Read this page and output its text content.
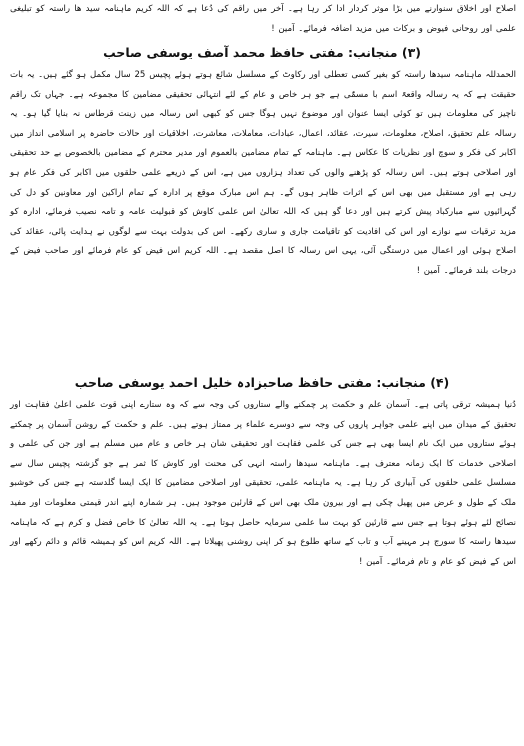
اصلاح اور اخلاق سنوارنے میں بڑا موثر کردار ادا کر رہا ہے۔ آخر میں راقم کی دُعا ہے کہ اللہ کریم ماہنامہ سید ھا راستہ کو تبلیغی علمی اور روحانی فیوض و برکات میں مزید اضافہ فرمائے۔ آمین !

(۳) منجانب: مفتی حافظ محمد آصف یوسفی صاحب

الحمدللہ ماہنامہ سیدھا راستہ کو بغیر کسی تعطلی اور رکاوٹ کے مسلسل شائع ہوتے ہوئے پچیس 25 سال مکمل ہو گئے ہیں۔ یہ بات حقیقت ہے کہ یہ رسالہ واقعۃً اسم با مسمّٰی ہے جو ہر خاص و عام کے لئے انتہائی تحقیقی مضامین کا مجموعہ ہے۔ جہاں تک راقم ناچیز کی معلومات ہیں تو کوئی ایسا عنوان اور موضوع نہیں ہوگا جس کو کبھی اس رسالہ میں زینت قرطاس نہ بنایا گیا ہو۔ یہ رسالہ علم تحقیق، اصلاح، معلومات، سیرت، عقائد، اعمال، عبادات، معاملات، معاشرت، اخلاقیات اور حالات حاضرہ پر اسلامی انداز میں اکابر کی فکر و سوچ اور نظریات کا عکاس ہے۔ ماہنامہ کے تمام مضامین بالعموم اور مدیر محترم کے مضامین بالخصوص بے حد تحقیقی اور اصلاحی ہوتے ہیں۔ اس رسالہ کو پڑھنے والوں کی تعداد ہزاروں میں ہے، اس کے ذریعے علمی حلقوں میں اکابر کی فکر عام ہو رہی ہے اور مستقبل میں بھی اس کے اثرات ظاہر ہوں گے۔ ہم اس مبارک موقع پر ادارہ کے تمام اراکین اور معاونین کو دل کی گہرائیوں سے مبارکباد پیش کرتے ہیں اور دعا گو ہیں کہ اللہ تعالیٰ اس علمی کاوش کو قبولیت عامہ و تامہ نصیب فرمائے، ادارہ کو مزید ترقیات سے نوازے اور اس کی افادیت کو تاقیامت جاری و ساری رکھے۔ اس کی بدولت بہت سے لوگوں نے ہدایت پائی، عقائد کی اصلاح ہوئی اور اعمال میں درستگی آئی، یہی اس رسالہ کا اصل مقصد ہے۔ اللہ کریم اس فیض کو عام فرمائے اور صاحب فیض کے درجات بلند فرمائے۔ آمین !

(۴) منجانب: مفتی حافظ صاحبزادہ خلیل احمد یوسفی صاحب

دُنیا ہمیشہ ترقی پاتی ہے۔ آسمان علم و حکمت پر چمکنے والے ستاروں کی وجہ سے کہ وہ ستارے اپنی قوت علمی اعلیٰ فقاہت اور تحقیق کے میدان میں اپنے علمی جواہر پاروں کی وجہ سے دوسرے علماء پر ممتاز ہوتے ہیں۔ علم و حکمت کے روشن آسمان پر چمکتے ہوئے ستاروں میں ایک نام ایسا بھی ہے جس کی علمی فقاہت اور تحقیقی شان ہر خاص و عام میں مسلم ہے اور جن کی علمی و اصلاحی خدمات کا ایک زمانہ معترف ہے۔ ماہنامہ سیدھا راستہ انہی کی محنت اور کاوش کا ثمر ہے جو گزشتہ پچیس سال سے مسلسل علمی حلقوں کی آبیاری کر رہا ہے۔ یہ ماہنامہ علمی، تحقیقی اور اصلاحی مضامین کا ایک ایسا گلدستہ ہے جس کی خوشبو ملک کے طول و عرض میں پھیل چکی ہے اور بیرون ملک بھی اس کے قارئین موجود ہیں۔ ہر شمارہ اپنے اندر قیمتی معلومات اور مفید نصائح لئے ہوئے ہوتا ہے جس سے قارئین کو بہت سا علمی سرمایہ حاصل ہوتا ہے۔ یہ اللہ تعالیٰ کا خاص فضل و کرم ہے کہ ماہنامہ سیدھا راستہ کا سورج ہر مہینے آب و تاب کے ساتھ طلوع ہو کر اپنی روشنی پھیلاتا ہے۔ اللہ کریم اس کو ہمیشہ قائم و دائم رکھے اور اس کے فیض کو عام و تام فرمائے۔ آمین !
